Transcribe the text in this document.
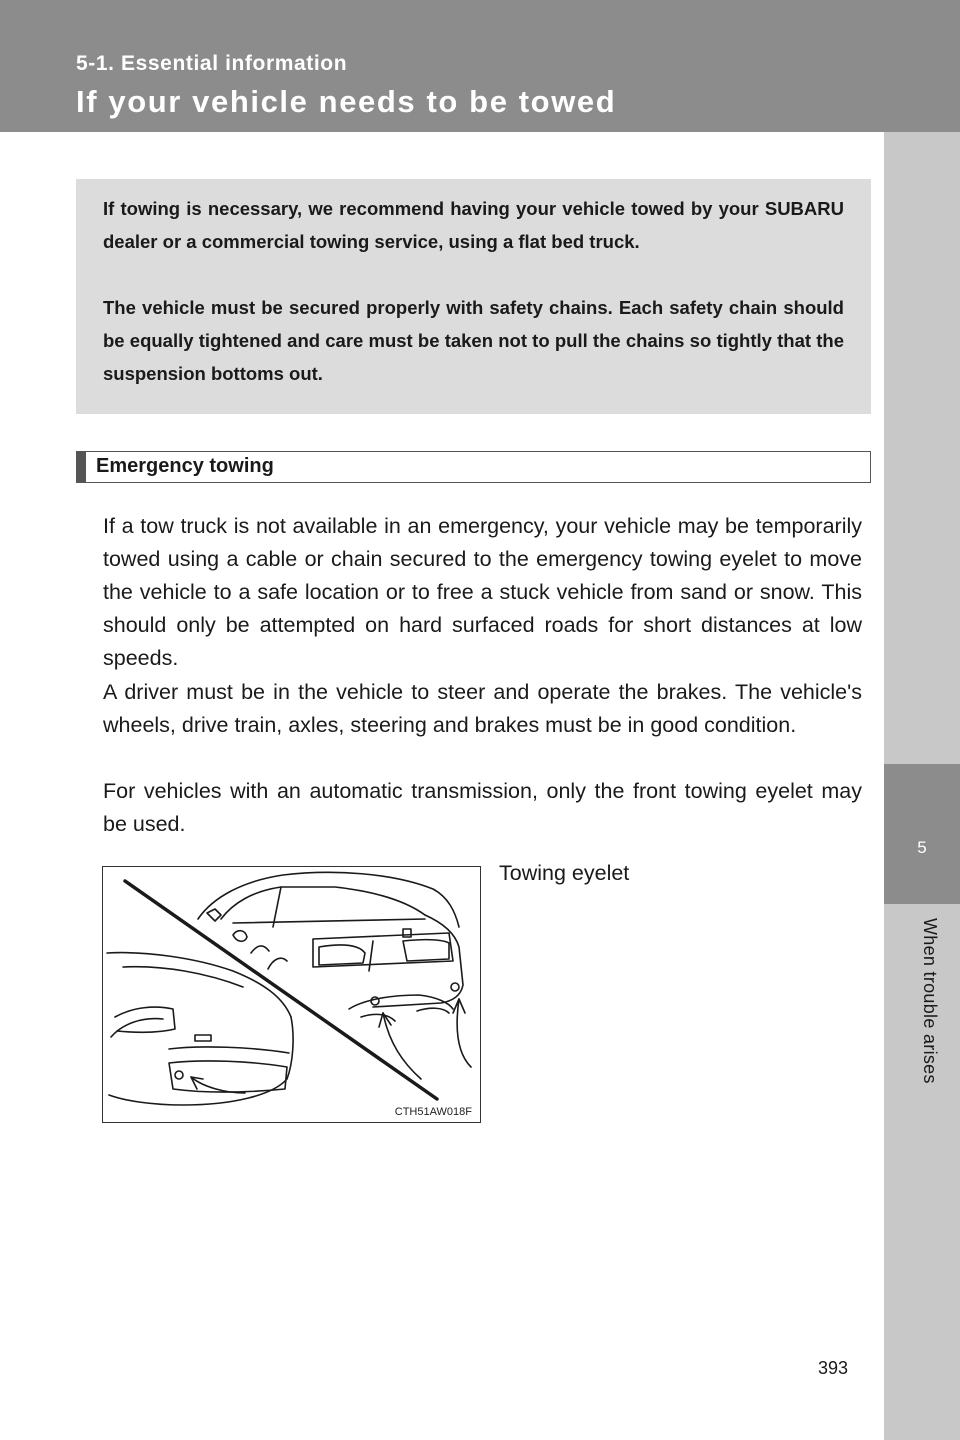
5-1. Essential information
If your vehicle needs to be towed
5
When trouble arises

If towing is necessary, we recommend having your vehicle towed by your SUBARU dealer or a commercial towing service, using a flat bed truck.

The vehicle must be secured properly with safety chains. Each safety chain should be equally tightened and care must be taken not to pull the chains so tightly that the suspension bottoms out.

Emergency towing

If a tow truck is not available in an emergency, your vehicle may be temporarily towed using a cable or chain secured to the emergency towing eyelet to move the vehicle to a safe location or to free a stuck vehicle from sand or snow. This should only be attempted on hard surfaced roads for short distances at low speeds.

A driver must be in the vehicle to steer and operate the brakes. The vehicle's wheels, drive train, axles, steering and brakes must be in good condition.

For vehicles with an automatic transmission, only the front towing eyelet may be used.

CTH51AW018F
Towing eyelet
393
